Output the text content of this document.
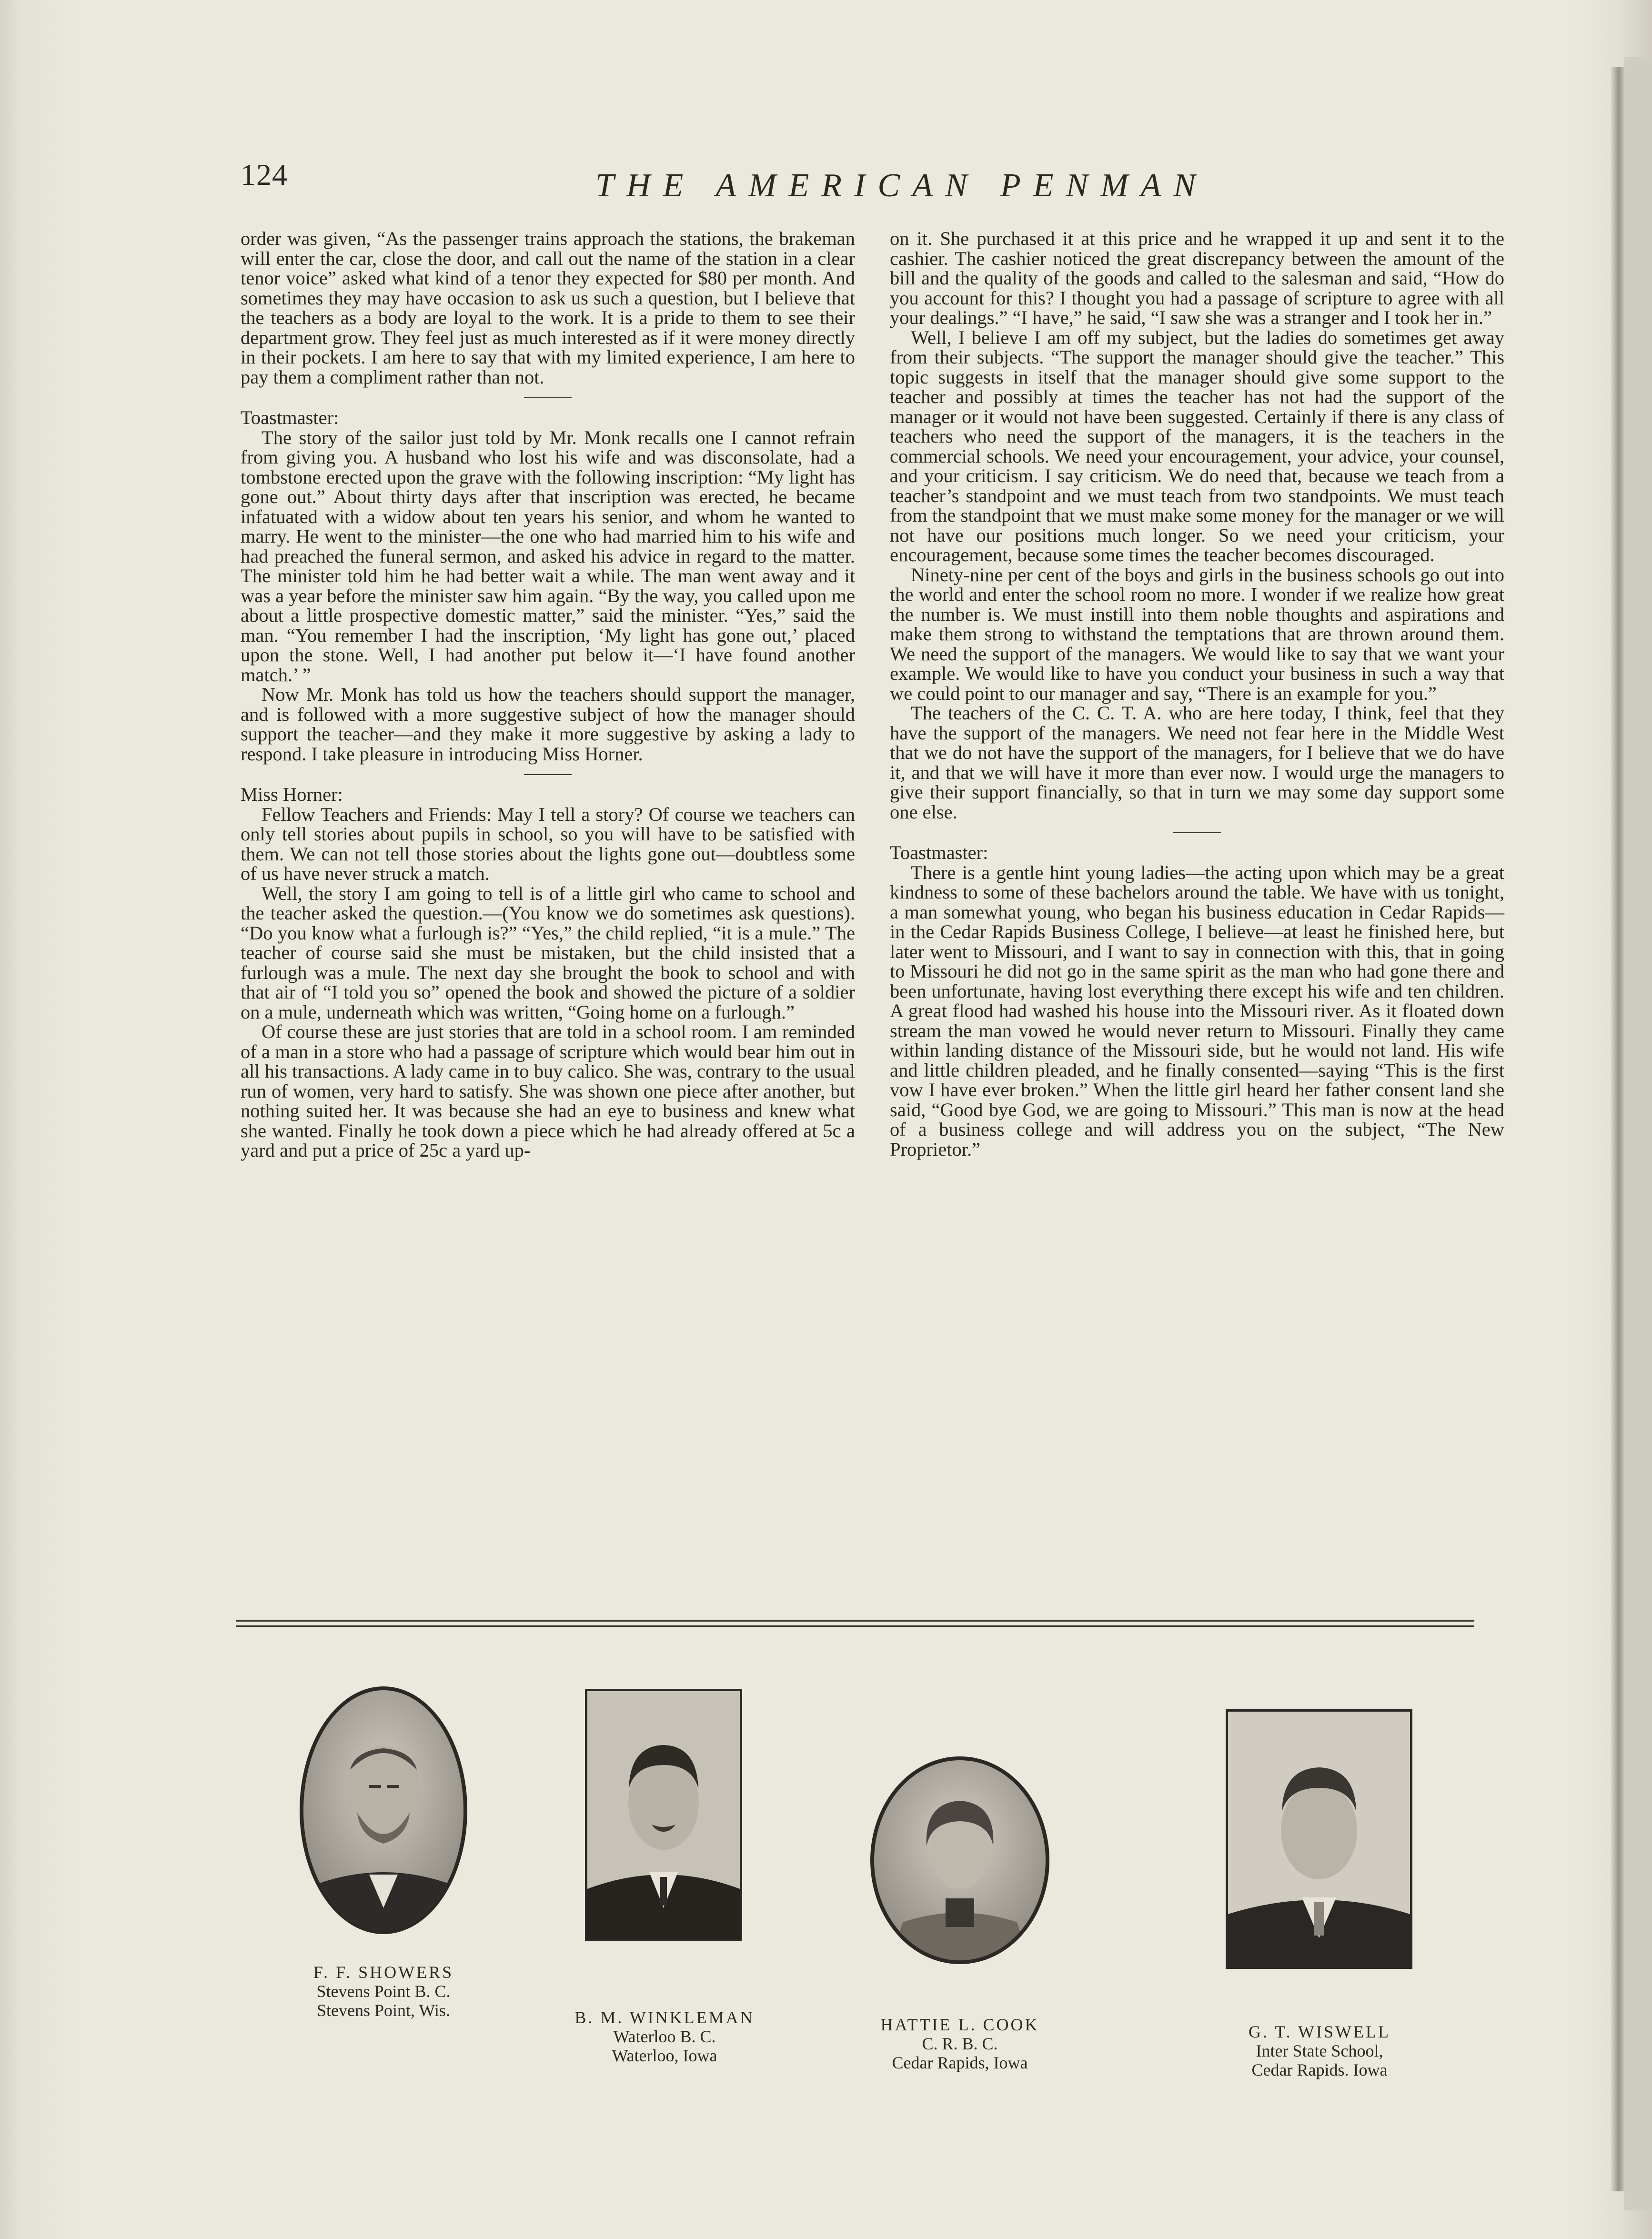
124	THE AMERICAN PENMAN

order was given, “As the passenger trains approach the stations, the brakeman will enter the car, close the door, and call out the name of the station in a clear tenor voice” asked what kind of a tenor they expected for $80 per month. And sometimes they may have occasion to ask us such a question, but I believe that the teachers as a body are loyal to the work. It is a pride to them to see their department grow. They feel just as much interested as if it were money directly in their pockets. I am here to say that with my limited experience, I am here to pay them a compliment rather than not.

Toastmaster:

The story of the sailor just told by Mr. Monk recalls one I cannot refrain from giving you. A husband who lost his wife and was disconsolate, had a tombstone erected upon the grave with the following inscription: “My light has gone out.” About thirty days after that inscription was erected, he became infatuated with a widow about ten years his senior, and whom he wanted to marry. He went to the minister—the one who had married him to his wife and had preached the funeral sermon, and asked his advice in regard to the matter. The minister told him he had better wait a while. The man went away and it was a year before the minister saw him again. “By the way, you called upon me about a little prospective domestic matter,” said the minister. “Yes,” said the man. “You remember I had the inscription, ‘My light has gone out,’ placed upon the stone. Well, I had another put below it—‘I have found another match.’ ”

Now Mr. Monk has told us how the teachers should support the manager, and is followed with a more suggestive subject of how the manager should support the teacher—and they make it more suggestive by asking a lady to respond. I take pleasure in introducing Miss Horner.

Miss Horner:

Fellow Teachers and Friends: May I tell a story? Of course we teachers can only tell stories about pupils in school, so you will have to be satisfied with them. We can not tell those stories about the lights gone out—doubtless some of us have never struck a match.

Well, the story I am going to tell is of a little girl who came to school and the teacher asked the question.—(You know we do sometimes ask questions). “Do you know what a furlough is?” “Yes,” the child replied, “it is a mule.” The teacher of course said she must be mistaken, but the child insisted that a furlough was a mule. The next day she brought the book to school and with that air of “I told you so” opened the book and showed the picture of a soldier on a mule, underneath which was written, “Going home on a furlough.”

Of course these are just stories that are told in a school room. I am reminded of a man in a store who had a passage of scripture which would bear him out in all his transactions. A lady came in to buy calico. She was, contrary to the usual run of women, very hard to satisfy. She was shown one piece after another, but nothing suited her. It was because she had an eye to business and knew what she wanted. Finally he took down a piece which he had already offered at 5c a yard and put a price of 25c a yard up-

on it. She purchased it at this price and he wrapped it up and sent it to the cashier. The cashier noticed the great discrepancy between the amount of the bill and the quality of the goods and called to the salesman and said, “How do you account for this? I thought you had a passage of scripture to agree with all your dealings.” “I have,” he said, “I saw she was a stranger and I took her in.”

Well, I believe I am off my subject, but the ladies do sometimes get away from their subjects. “The support the manager should give the teacher.” This topic suggests in itself that the manager should give some support to the teacher and possibly at times the teacher has not had the support of the manager or it would not have been suggested. Certainly if there is any class of teachers who need the support of the managers, it is the teachers in the commercial schools. We need your encouragement, your advice, your counsel, and your criticism. I say criticism. We do need that, because we teach from a teacher’s standpoint and we must teach from two standpoints. We must teach from the standpoint that we must make some money for the manager or we will not have our positions much longer. So we need your criticism, your encouragement, because some times the teacher becomes discouraged.

Ninety-nine per cent of the boys and girls in the business schools go out into the world and enter the school room no more. I wonder if we realize how great the number is. We must instill into them noble thoughts and aspirations and make them strong to withstand the temptations that are thrown around them. We need the support of the managers. We would like to say that we want your example. We would like to have you conduct your business in such a way that we could point to our manager and say, “There is an example for you.”

The teachers of the C. C. T. A. who are here today, I think, feel that they have the support of the managers. We need not fear here in the Middle West that we do not have the support of the managers, for I believe that we do have it, and that we will have it more than ever now. I would urge the managers to give their support financially, so that in turn we may some day support some one else.

Toastmaster:

There is a gentle hint young ladies—the acting upon which may be a great kindness to some of these bachelors around the table. We have with us tonight, a man somewhat young, who began his business education in Cedar Rapids—in the Cedar Rapids Business College, I believe—at least he finished here, but later went to Missouri, and I want to say in connection with this, that in going to Missouri he did not go in the same spirit as the man who had gone there and been unfortunate, having lost everything there except his wife and ten children. A great flood had washed his house into the Missouri river. As it floated down stream the man vowed he would never return to Missouri. Finally they came within landing distance of the Missouri side, but he would not land. His wife and little children pleaded, and he finally consented—saying “This is the first vow I have ever broken.” When the little girl heard her father consent land she said, “Good bye God, we are going to Missouri.” This man is now at the head of a business college and will address you on the subject, “The New Proprietor.”

F. F. SHOWERS
Stevens Point B. C.
Stevens Point, Wis.	B. M. WINKLEMAN
Waterloo B. C.
Waterloo, Iowa
HATTIE L. COOK
C. R. B. C.
Cedar Rapids, Iowa
G. T. WISWELL
Inter State School,
Cedar Rapids. Iowa
